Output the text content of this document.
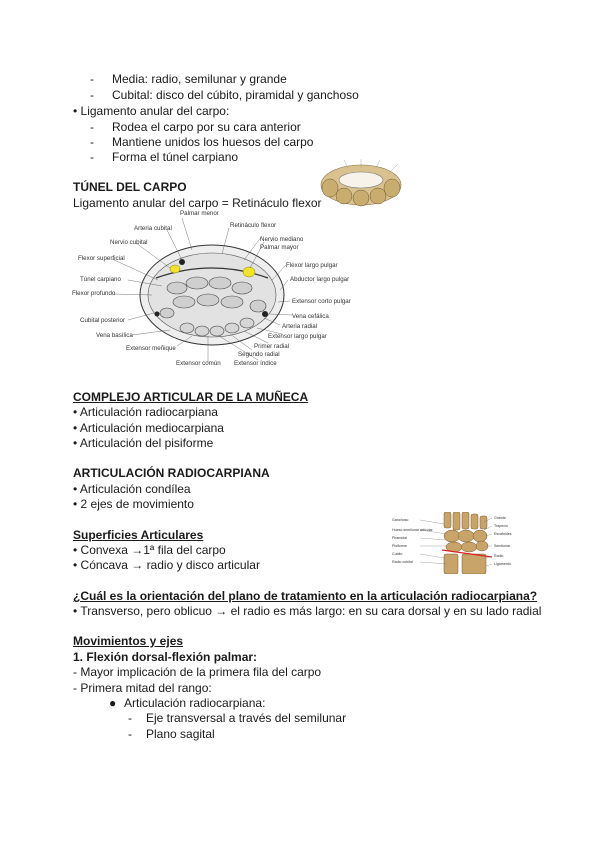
- Media: radio, semilunar y grande
- Cubital: disco del cúbito, piramidal y ganchoso
• Ligamento anular del carpo:
- Rodea el carpo por su cara anterior
- Mantiene unidos los huesos del carpo
- Forma el túnel carpiano
TÚNEL DEL CARPO
Ligamento anular del carpo = Retináculo flexor
Palmar menor
Retináculo flexor
Arteria cubital
Nervio mediano
Palmar mayor
Nervio cubital
Flexor superficial
Flexor largo pulgar
Túnel carpiano	Abductor largo pulgar
Flexor profundo
Extensor corto pulgar
Vena cefálica
Cubital posterior
Arteria radial
Vena basílica	Extensor largo pulgar
Extensor meñique	Primer radial
Segundo radial
Extensor común Extensor índice
COMPLEJO ARTICULAR DE LA MUÑECA
• Articulación radiocarpiana
• Articulación mediocarpiana
• Articulación del pisiforme
ARTICULACIÓN RADIOCARPIANA
• Articulación condílea
• 2 ejes de movimiento
Superficies Articulares
• Convexa →1ª fila del carpo
• Cóncava → radio y disco articular
Ganchoso
Hueso semilunar articular
Piramidal
Pisiforme
Cubito
Radio cubital
Grande
Trapecio
Escafoides
Semilunar
Radio
Ligamento
¿Cuál es la orientación del plano de tratamiento en la articulación radiocarpiana?
• Transverso, pero oblicuo → el radio es más largo: en su cara dorsal y en su lado radial
Movimientos y ejes
1. Flexión dorsal-flexión palmar:
- Mayor implicación de la primera fila del carpo
- Primera mitad del rango:
● Articulación radiocarpiana:
- Eje transversal a través del semilunar
- Plano sagital
